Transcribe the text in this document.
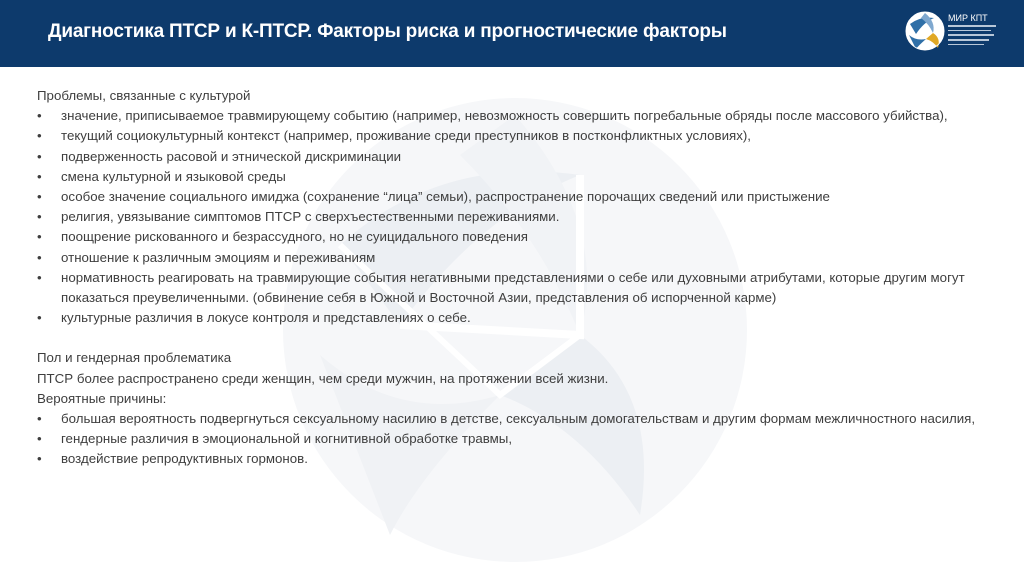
Диагностика ПТСР и К-ПТСР. Факторы риска и прогностические факторы
МИР КПТ

Проблемы, связанные с культурой

• значение, приписываемое травмирующему событию (например, невозможность совершить погребальные обряды после массового убийства),
• текущий социокультурный контекст (например, проживание среди преступников в постконфликтных условиях),
• подверженность расовой и этнической дискриминации
• смена культурной и языковой среды
• особое значение социального имиджа (сохранение “лица” семьи), распространение порочащих сведений или пристыжение
• религия, увязывание симптомов ПТСР с сверхъестественными переживаниями.
• поощрение рискованного и безрассудного, но не суицидального поведения
• отношение к различным эмоциям и переживаниям
• нормативность реагировать на травмирующие события негативными представлениями о себе или духовными атрибутами, которые другим могут показаться преувеличенными. (обвинение себя в Южной и Восточной Азии, представления об испорченной карме)
• культурные различия в локусе контроля и представлениях о себе.

Пол и гендерная проблематика

ПТСР более распространено среди женщин, чем среди мужчин, на протяжении всей жизни.

Вероятные причины:

• большая вероятность подвергнуться сексуальному насилию в детстве, сексуальным домогательствам и другим формам межличностного насилия,
• гендерные различия в эмоциональной и когнитивной обработке травмы,
• воздействие репродуктивных гормонов.
